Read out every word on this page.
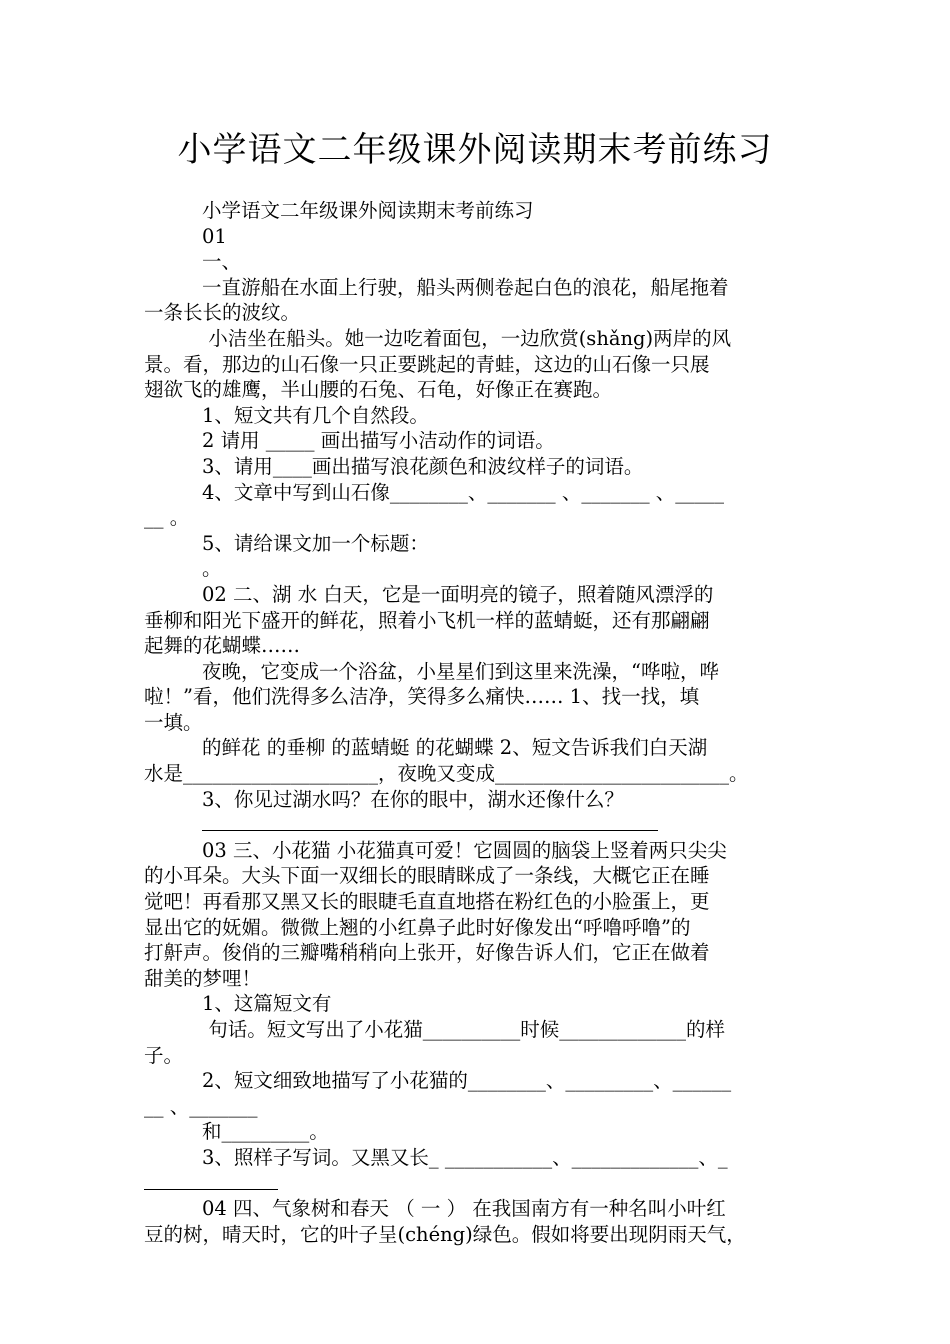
小学语文二年级课外阅读期末考前练习
小学语文二年级课外阅读期末考前练习
01
一、
一直游船在水面上行驶，船头两侧卷起白色的浪花，船尾拖着
一条长长的波纹。
小洁坐在船头。她一边吃着面包，一边欣赏(shǎng)两岸的风
景。看，那边的山石像一只正要跳起的青蛙，这边的山石像一只展
翅欲飞的雄鹰，半山腰的石兔、石龟，好像正在赛跑。
1、短文共有几个自然段。
2 请用 _____ 画出描写小洁动作的词语。
3、请用____画出描写浪花颜色和波纹样子的词语。
4、文章中写到山石像________、_______ 、_______ 、_____
__ 。
5、请给课文加一个标题：
。
02 二、湖 水 白天，它是一面明亮的镜子，照着随风漂浮的
垂柳和阳光下盛开的鲜花，照着小飞机一样的蓝蜻蜓，还有那翩翩
起舞的花蝴蝶……
夜晚，它变成一个浴盆，小星星们到这里来洗澡，“哗啦，哗
啦！”看，他们洗得多么洁净，笑得多么痛快…… 1、找一找，填
一填。
的鲜花 的垂柳 的蓝蜻蜓 的花蝴蝶 2、短文告诉我们白天湖
水是____________________，夜晚又变成________________________。
3、你见过湖水吗？在你的眼中，湖水还像什么？
03 三、小花猫 小花猫真可爱！它圆圆的脑袋上竖着两只尖尖
的小耳朵。大头下面一双细长的眼睛眯成了一条线，大概它正在睡
觉吧！再看那又黑又长的眼睫毛直直地搭在粉红色的小脸蛋上，更
显出它的妩媚。微微上翘的小红鼻子此时好像发出“呼噜呼噜”的
打鼾声。俊俏的三瓣嘴稍稍向上张开，好像告诉人们，它正在做着
甜美的梦哩！
1、这篇短文有
句话。短文写出了小花猫__________时候_____________的样
子。
2、短文细致地描写了小花猫的________、_________、______
__ 、_______
和_________。
3、照样子写词。又黑又长_ ___________、_____________、_
04 四、气象树和春天 （ 一 ） 在我国南方有一种名叫小叶红
豆的树，晴天时，它的叶子呈(chéng)绿色。假如将要出现阴雨天气，
